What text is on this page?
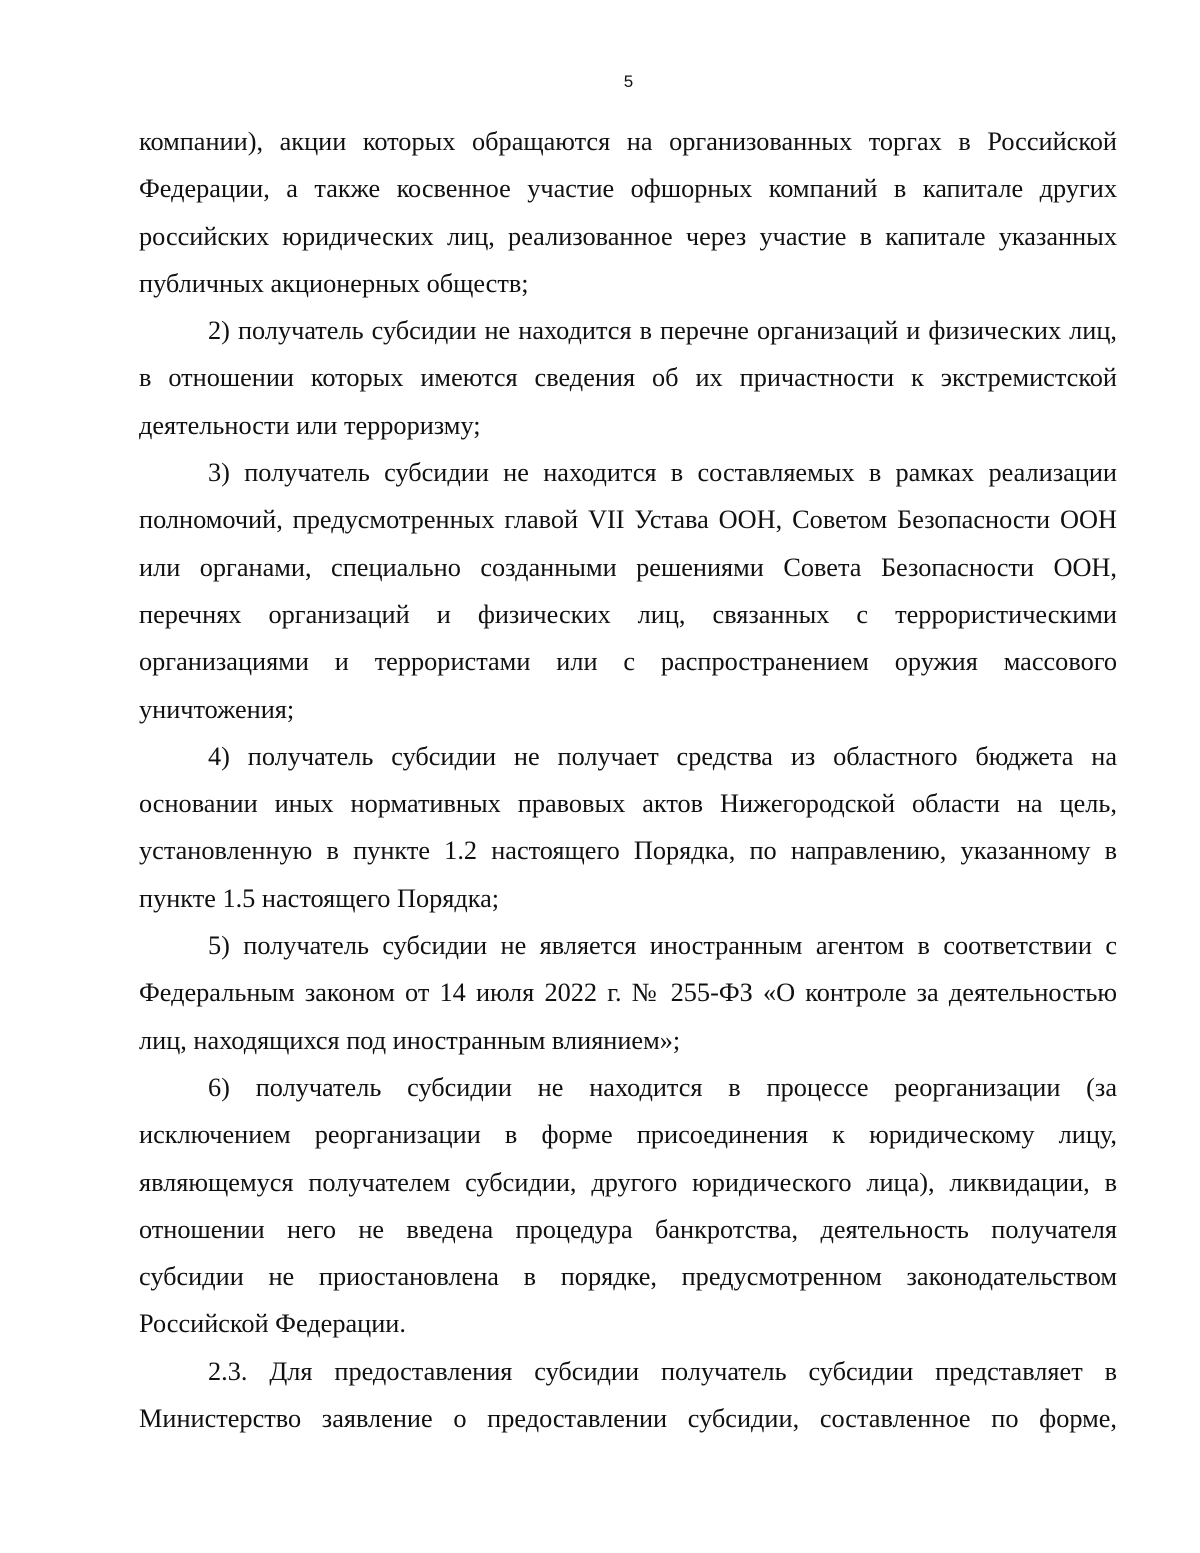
5

компании), акции которых обращаются на организованных торгах в Российской Федерации, а также косвенное участие офшорных компаний в капитале других российских юридических лиц, реализованное через участие в капитале указанных публичных акционерных обществ;

2) получатель субсидии не находится в перечне организаций и физических лиц, в отношении которых имеются сведения об их причастности к экстремистской деятельности или терроризму;

3) получатель субсидии не находится в составляемых в рамках реализации полномочий, предусмотренных главой VII Устава ООН, Советом Безопасности ООН или органами, специально созданными решениями Совета Безопасности ООН, перечнях организаций и физических лиц, связанных с террористическими организациями и террористами или с распространением оружия массового уничтожения;

4) получатель субсидии не получает средства из областного бюджета на основании иных нормативных правовых актов Нижегородской области на цель, установленную в пункте 1.2 настоящего Порядка, по направлению, указанному в пункте 1.5 настоящего Порядка;

5) получатель субсидии не является иностранным агентом в соответствии с Федеральным законом от 14 июля 2022 г. № 255-ФЗ «О контроле за деятельностью лиц, находящихся под иностранным влиянием»;

6) получатель субсидии не находится в процессе реорганизации (за исключением реорганизации в форме присоединения к юридическому лицу, являющемуся получателем субсидии, другого юридического лица), ликвидации, в отношении него не введена процедура банкротства, деятельность получателя субсидии не приостановлена в порядке, предусмотренном законодательством Российской Федерации.

2.3. Для предоставления субсидии получатель субсидии представляет в Министерство заявление о предоставлении субсидии, составленное по форме,
